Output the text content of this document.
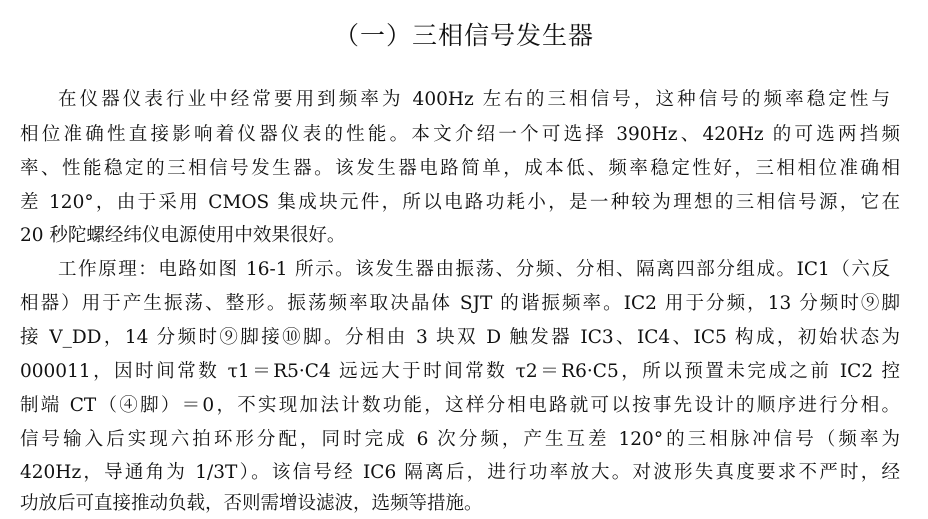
（一）三相信号发生器

在仪器仪表行业中经常要用到频率为 400Hz 左右的三相信号，这种信号的频率稳定性与

相位准确性直接影响着仪器仪表的性能。本文介绍一个可选择 390Hz、420Hz 的可选两挡频

率、性能稳定的三相信号发生器。该发生器电路简单，成本低、频率稳定性好，三相相位准确相

差 120°，由于采用 CMOS 集成块元件，所以电路功耗小，是一种较为理想的三相信号源，它在

20 秒陀螺经纬仪电源使用中效果很好。

工作原理：电路如图 16-1 所示。该发生器由振荡、分频、分相、隔离四部分组成。IC1（六反

相器）用于产生振荡、整形。振荡频率取决晶体 SJT 的谐振频率。IC2 用于分频，13 分频时⑨脚

接 V_DD，14 分频时⑨脚接⑩脚。分相由 3 块双 D 触发器 IC3、IC4、IC5 构成，初始状态为

000011，因时间常数 τ1＝R5·C4 远远大于时间常数 τ2＝R6·C5，所以预置未完成之前 IC2 控

制端 CT（④脚）＝0，不实现加法计数功能，这样分相电路就可以按事先设计的顺序进行分相。

信号输入后实现六拍环形分配，同时完成 6 次分频，产生互差 120°的三相脉冲信号（频率为

420Hz，导通角为 1/3T）。该信号经 IC6 隔离后，进行功率放大。对波形失真度要求不严时，经

功放后可直接推动负载，否则需增设滤波，选频等措施。
